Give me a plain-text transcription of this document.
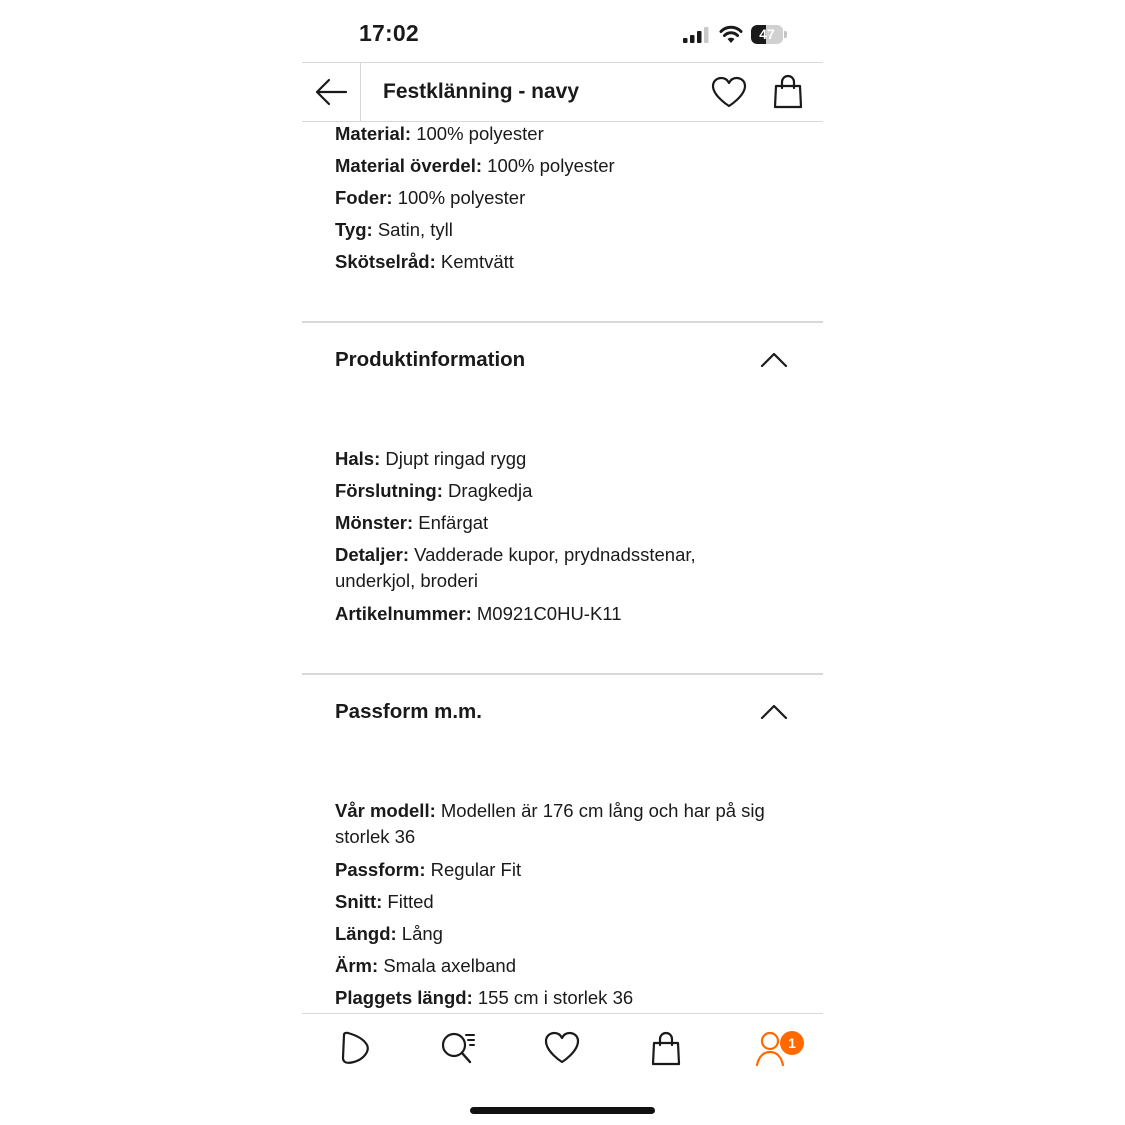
17:02	47
Festklänning - navy
Material: 100% polyester
Material överdel: 100% polyester
Foder: 100% polyester
Tyg: Satin, tyll
Skötselråd: Kemtvätt
Produktinformation
Hals: Djupt ringad rygg
Förslutning: Dragkedja
Mönster: Enfärgat
Detaljer: Vadderade kupor, prydnadsstenar,
underkjol, broderi
Artikelnummer: M0921C0HU-K11
Passform m.m.
Vår modell: Modellen är 176 cm lång och har på sig
storlek 36
Passform: Regular Fit
Snitt: Fitted
Längd: Lång
Ärm: Smala axelband
Plaggets längd: 155 cm i storlek 36
1
